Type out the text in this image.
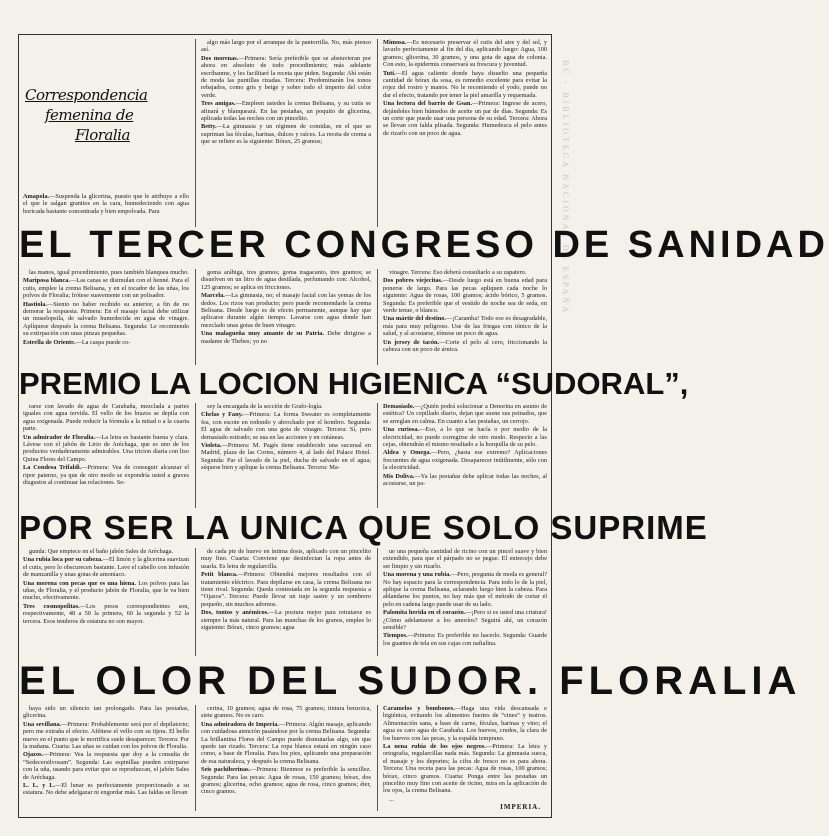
BC - BIBLIOTECA NACIONAL DE ESPAÑA
Correspondencia
femenina de
Floralia

Amapola.—Suspenda la glicerina, puesto que le atribuye a ello el que le salgan granitos en la cara, humedeciendo con agua boricada bastante concentrada y bien empolvada. Para

algo más largo por el arranque de la pantorrilla. No, más pienso así.

Dos morenas.—Primera: Sería preferible que se abstuvieran por ahora en absoluto de todo procedimiento; más adelante escríbanme, y les facilitaré la receta que piden. Segunda: Ahí están de moda las puntillas rizadas. Tercera: Predominarán los tonos rebajados, como gris y beige y sobre todo el imperio del color verde.

Tres amigas.—Empleen ustedes la crema Belisana, y su cutis se afinará y blanqueará. En las pestañas, un poquito de glicerina, aplicada todas las noches con un pincelito.

Betty.—La gimnasia y un régimen de comidas, en el que se supriman las féculas, harinas, dulces y raíces. La receta de crema a que se refiere es la siguiente: Bórax, 25 gramos;

Mimosa.—Es necesario preservar el cutis del aire y del sol, y lavarlo perfectamente al fin del día, aplicando luego: Agua, 100 gramos; glicerina, 30 gramos, y una gota de agua de colonia. Con esto, la epidermis conservará su frescura y juventud.

Tuti.—El agua caliente donde haya disuelto una pequeña cantidad de bórax da sosa, es remedio excelente para evitar la rojez del rostro y manos. No le recomiendo el yodo, puede no dar el efecto, tratando por tener la piel amarilla y requemada.

Una lectora del barrio de Gsan.—Primera: Ingrese de acero, dejándoles bien húmedos de aceite un par de días. Segunda: Es un corte que puede usar una persona de su edad. Tercera: Ahora se llevan con falda plisada. Segunda: Humedezca el pelo antes de rizarlo con un poco de agua.

EL TERCER CONGRESO DE SANIDAD

las manos, igual procedimiento, pues también blanquea mucho.

Mariposa blanca.—Las canas se disimulan con el henné. Para el cutis, emplee la crema Belisana, y en el tocador de las uñas, los polvos de Floralia; frótese suavemente con un polisador.

Hastiola.—Siento no haber recibido su anterior, a fin de no demorar la respuesta. Primera: En el masaje facial debe utilizar un muselopsila, de salvado humedecida en agua de vinagre. Aplíquese después la crema Belisana. Segunda: Le recomiendo su extirpación con unas pinzas pequeñas.

Estrella de Oriente.—La caspa puede co-

goma arábiga, tres gramos; goma tragacanto, tres gramos; se disuelven en un litro de agua destilada, perfumando con: Alcohol, 125 gramos; se aplica en fricciones.

Marcela.—La gimnasia, no; el masaje facial con las yemas de los dedos. Los rizos van producto; pero puede recomendarle la crema Belisana. Desde luego es de efecto permanente, aunque hay que aplicarse durante algún tiempo. Lavarse con agua donde han mezclado unas gotas de buen vinagre.

Una malagueña muy amante de su Patria. Debe dirigirse a madame de Thebes; yo no

vinagre. Tercera: Eso deberá consultarlo a su zapatero.

Dos pobres viejecitas.—Desde luego está en buena edad para ponerse de largo. Para las pecas apliquen cada noche lo siguiente: Agua de rosas, 100 gramos; ácido bórico, 5 gramos. Segunda: Es preferible que el vestido de noche sea de seda, en verde tenue, o blanco.

Una mártir del destino.—¡Caramba! Todo eso es desagradable, más para muy peligroso. Use de las friegas con tónico de la salud, y al acostarse, tómese un poco de agua.

Un jersey de tacón.—Corte el pelo al cero, friccionando la cabeza con un poco de árnica.

PREMIO LA LOCION HIGIENICA “SUDORAL”,

rarse con lavado de agua de Carabaña, mezclada a partes iguales con agua tervida. El vello de los brazos se depila con agua oxigenada. Puede reducir la fórmula a la mitad o a la cuarta parte.

Un admirador de Floralia.—La letra es bastante buena y clara. Lávese con el jabón de Lirio de Aréchaga, que es uno de los productos verdaderamente admirables. Una tricion diaria con liso Quina Flores del Campo.

La Condesa Trifaldi.—Primera: Vea de conseguir alcanzar el ripor paterno, ya que de otro modo se expondría usted a graves disgustos al continuar las relaciones. Se-

sey la encargada de la sección de Grafo-logía.

Chelas y Fany.—Primera: La forma Sweater es completamente fea, con escote en redondo y abrochado por el hombro. Segunda: El agua de salvado con una gota de vinagre. Tercera: Sí, pero demasiado estirado; se usa en las acciones y en cutáneas.

Violeta.—Primera: M. Pagés tiene establecido una sucursal en Madrid, plaza de las Cortes, número 4, al lado del Palace Hotel. Segunda: Par el lavado de la piel, ducha de salvado en el agua; séquese bien y aplique la crema Belisana. Tercera: Ma-

Demasiado.—¿Quién podrá solucionar a Denorina en asunto de estética? Un cepillado diario, dejan que suene sus peinados, que se arreglan en calma. En cuanto a las pestañas, un cerrojo.

Una curiosa.—Eso, a lo que se hacía o por medio de la electricidad, no puede corregirse de otro modo. Respecto a las cejas, obtendrán el mismo resultado a la horquilla de su pelo.

Aldea y Omega.—Pero, ¿hasta ese extremo? Aplicaciones frecuentes de agua oxigenada. Desaparecer inútilmente, sólo con la electricidad.

Mis Doliva.—Ya las pestañas debe aplicar todas las noches, al acostarse, un pa-

POR SER LA UNICA QUE SOLO SUPRIME

gunda: Que empiece en el baño jabón Sales de Aréchaga.

Una rubia loca por su cabeza.—El limón y la glicerina suavizan el cutis, pero lo obscurecen bastante. Lave el cabello con infusión de manzanilla y unas gotas de amoníaco.

Una morena con pecas que es una hiena. Los polvos para las uñas, de Floralia, y el producto jabón de Floralia, que le va bien mucho, efectivamente.

Tres cosmopolitas.—Los pesos correspondientes son, respectivamente, 48 a 50 la primera, 60 la segunda y 52 la tercera. Esos tenderos de estatura no son mayor.

de cada pie de huevo en íntima dosis, aplicado con un pincelito muy fino. Cuarta: Conviene que desinfectan la ropa antes de usarla. Es letra de regularcilla.

Petit blanca.—Primera: Obtendrá mejores resultados con el tratamiento eléctrico. Para depilarse en casa, la crema Belisana no tiene rival. Segunda: Queda contestada en la segunda respuesta a “Ojazos”. Tercera: Puede llevar un traje sastre y un sombrero pequeño, sin muchos adornos.

Dos, tontos y anémicos.—La postura mejor para retratarse es siempre la más natural. Para las manchas de los granos, emplee lo siguiente: Bórax, cinco gramos; agua

ue una pequeña cantidad de ricino con un pincel suave y bien extendido, para que el párpado no se pegue. El entrecejo debe ser limpio y sin rizarlo.

Una morena y una rubia.—Pero, pregunta de moda es general? No hay espacio para la correspondencia. Para todo lo de la piel, aplique la crema Belisana, aclarando luego bien la cabeza. Para ablandarse los puntos, no hay más que el método de cortar el pelo en cadena largo puede usar de su lado.

Palomita herida en el corazón.—¡Pero si es usted una criatura! ¿Cómo adelantarse a los amoríos? Seguirá ahí, un corazón sensible?

Tiempos.—Primera: Es preferible no hacerlo. Segunda: Guarde los guantes de tela en sus cajas con naftalina.

EL OLOR DEL SUDOR. FLORALIA

haya sido un silencio tan prolongado. Para las pestañas, glicerina.

Una sevillana.—Primera: Probablemente será por el depilatorio; pero me extraña el efecto. Aféitese el vello con su tijera. El bello nuevo en el punto que le mortifica suele desaparecer. Tercera: Por la mañana. Cuarta: Las uñas se cuidan con los polvos de Floralia.

Ojazos.—Primera: Vea la respuesta que doy a la consulta de “Sedecersilvosam”. Segunda: Las espinillas pueden extirparse con la uña, usando para evitar que se reproduzcan, el jabón Sales de Aréchaga.

L. L. y L.—El lunar es perfectamente proporcionado a su estatura. No debe adelgazar ni engordar más. Las faldas se llevan

cerina, 10 gramos; agua de rosa, 75 gramos; tintura benzoica, siete gramos. No es caro.

Una admiradora de Imperia.—Primera: Algún masaje, aplicando con cuidadosa atención pasándose por la crema Belisana. Segunda: La brillantina Flores del Campo puede dismutarlas algo, sin que quede tan rizado. Tercera: La ropa blanca estará en ningún caso como, a base de Floralia. Para los pies, aplicando una preparación de esa naturaleza, y después la crema Belisana.

Seis pachiberinas.—Primera: Bienmoe es preferible la sencillez. Segunda: Para las pecas: Agua de rosas, 150 gramos; bórax, dos gramos; glicerina, ocho gramos; agua de rosa, cinco gramos; éter, cinco gramos.

Caramelos y bombones.—Haga una vida descansada e higiénica, evitando los alimentos fuertes de “cines” y teatros. Alimentación sana, a base de carne, féculas, harinas y vino; el agua es caro agua de Carabaña. Los huevos, crudos, la clara de los huevos con las pecas, y la espalda temprano.

La nena rubia de los ojos negros.—Primera: La letra y ortografía, regularcillas nada más. Segunda: La gimnasia sueca, el masaje y los deportes; la cifra de fresco no es para ahora. Tercera: Una receta para las pecas: Agua de rosas, 100 gramos; bórax, cinco gramos. Cuarta: Ponga entre las pestañas un pincelito muy fino con aceite de ricino, mira en la aplicación de los ojos, la crema Belisana.

...

IMPERIA.
